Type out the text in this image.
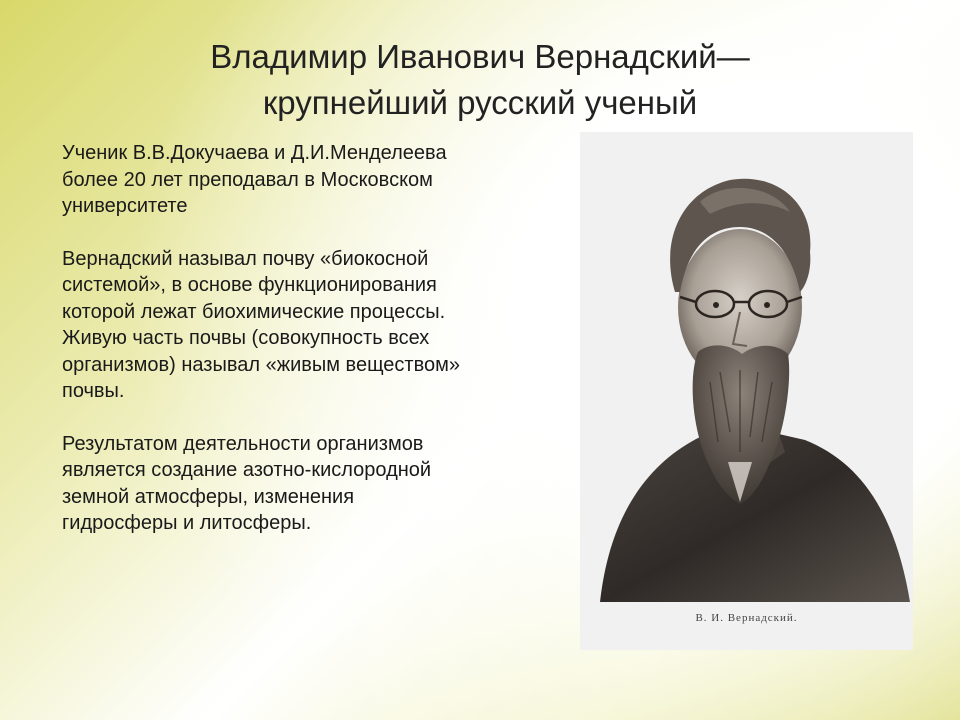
Владимир Иванович Вернадский—
крупнейший русский ученый

Ученик В.В.Докучаева и Д.И.Менделеева
более 20 лет преподавал в Московском
университете

Вернадский называл почву «биокосной
системой», в основе функционирования
которой лежат биохимические процессы.
Живую часть почвы (совокупность всех
организмов) называл «живым веществом»
почвы.

Результатом деятельности организмов
является создание азотно-кислородной
земной атмосферы, изменения
гидросферы и литосферы.

В. И. Вернадский.
